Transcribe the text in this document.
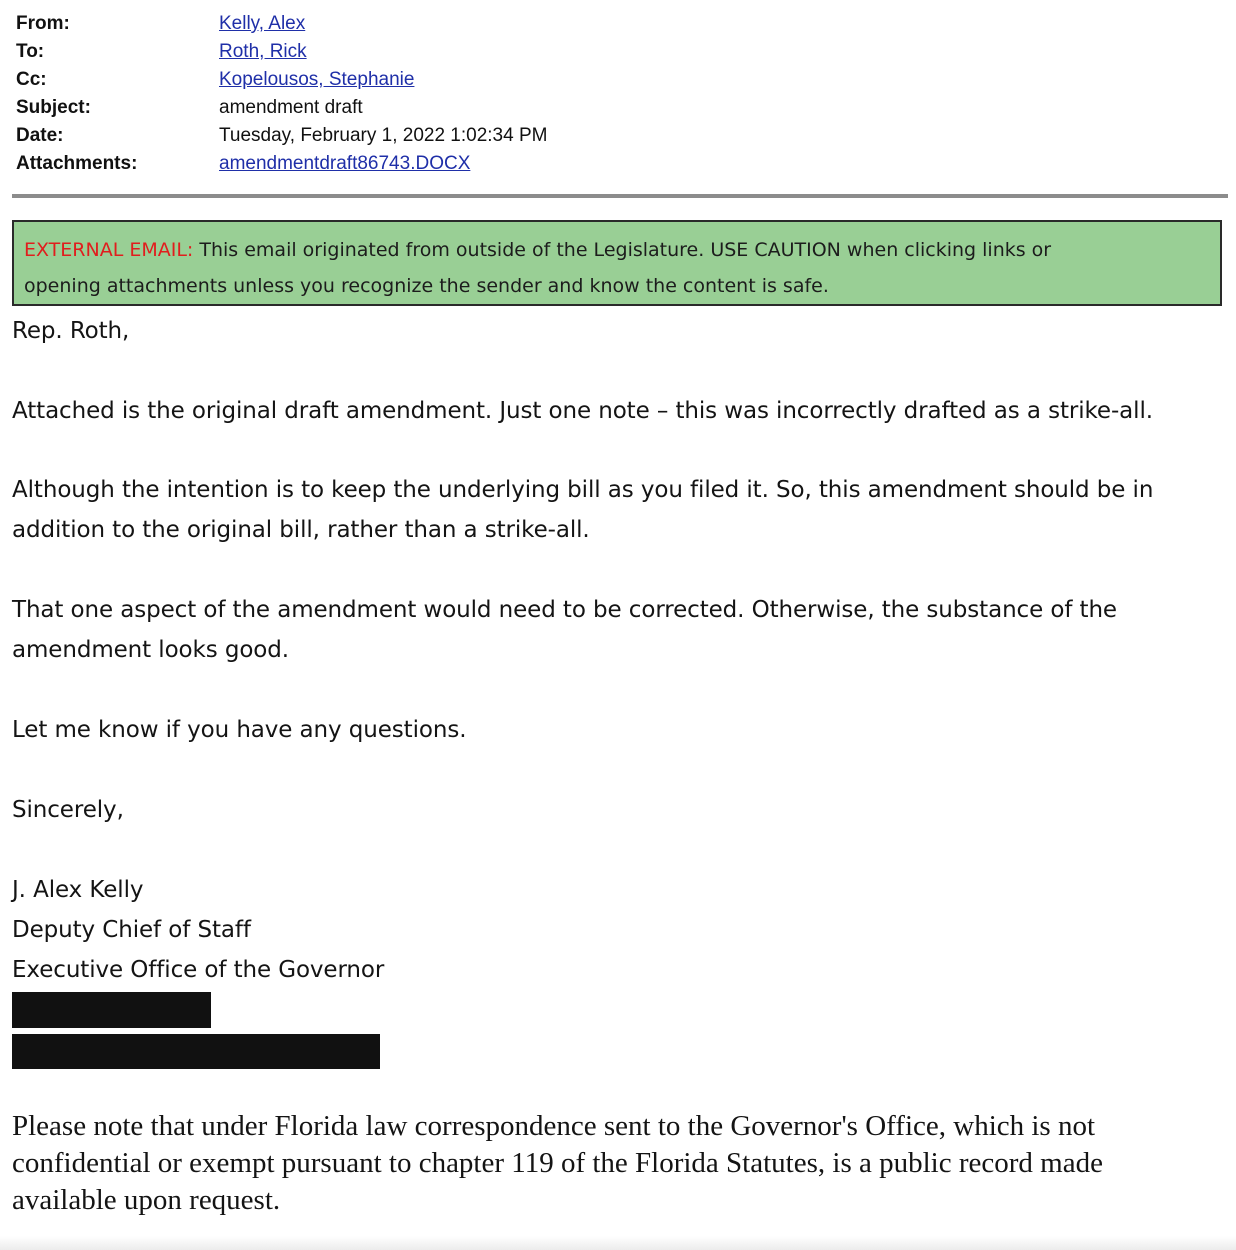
From:	Kelly, Alex
To:	Roth, Rick
Cc:	Kopelousos, Stephanie
Subject:	amendment draft
Date:	Tuesday, February 1, 2022 1:02:34 PM
Attachments:	amendmentdraft86743.DOCX
EXTERNAL EMAIL: This email originated from outside of the Legislature. USE CAUTION when clicking links or
opening attachments unless you recognize the sender and know the content is safe.

Rep. Roth,

Attached is the original draft amendment. Just one note – this was incorrectly drafted as a strike-all.

Although the intention is to keep the underlying bill as you filed it. So, this amendment should be in

addition to the original bill, rather than a strike-all.

That one aspect of the amendment would need to be corrected. Otherwise, the substance of the

amendment looks good.

Let me know if you have any questions.

Sincerely,

J. Alex Kelly

Deputy Chief of Staff

Executive Office of the Governor

Please note that under Florida law correspondence sent to the Governor's Office, which is not
confidential or exempt pursuant to chapter 119 of the Florida Statutes, is a public record made
available upon request.
